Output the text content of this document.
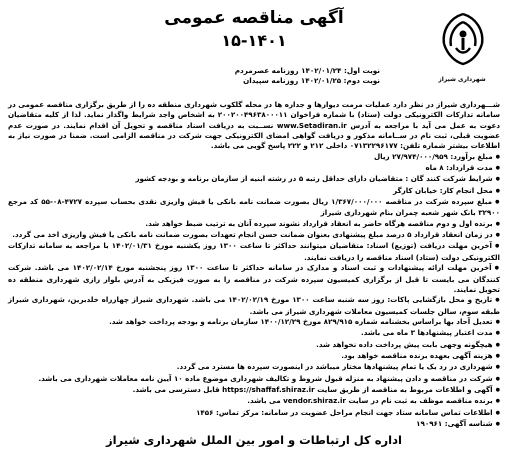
آگهی مناقصه عمومی
۱۵-۱۴۰۱
شهرداری شیراز
نوبت اول: ۱۴۰۲/۰۱/۲۴ روزنامه عصرمردم
نوبت دوم: ۱۴۰۲/۰۱/۲۵ روزنامه سپیدان

شـــهرداری شیراز در نظر دارد عملیات مرمت دیوارها و جداره ها در محله گلکوب شهرداری منطقه ده را از طریق برگزاری مناقصه عمومی در سامانه تدارکات الکترونیکی دولت (ستاد) با شماره فراخوان ۲۰۰۲۰۰۴۹۶۳۸۰۰۰۱۱ به اشخاص واجد شرایط واگذار نماید. لذا از کلیه متقاضیان دعوت به عمل می آید با مراجعه به آدرس www.Setadiran.ir نســبت به دریافت اسناد مناقصه و تحویل آن اقدام نمایند. در صورت عدم عضویت قبلی، ثبت نام در ســامانه مذکور و دریافت گواهی امضای الکترونیکی جهت شرکت در مناقصه الزامی است. ضمنا در صورت نیاز به اطلاعات بیشتر شماره تلفن: ۰۷۱۳۲۲۹۶۱۷۷ داخلی ۲۱۲ و ۲۲۲ پاسخ گویی می باشد.

● مبلغ برآورد: ۲۷/۹۷۴/۰۰۰/۹۵۹ ریال

● مدت قرارداد: ۸ ماه

● شرایط شرکت کنند گان : متقاضیان دارای حداقل رتبه ۵ در رشته ابنیه از سازمان برنامه و بودجه کشور

● محل انجام کار: خیابان کارگر

● مبلغ سپرده شرکت در مناقصه ۱/۳۶۷/۰۰۰/۰۰۰ ریال بصورت ضمانت نامه بانکی یا فیش واریزی نقدی بحساب سپرده ۴۷۲۷-۰۸-۵۵ کد مرجع ۳۲۹۰۰ بانک شهر شعبه چمران بنام شهرداری شیراز

● برنده اول و دوم مناقصه هرگاه حاضر به انعقاد قرارداد نشوند سپرده آنان به ترتیب ضبط خواهد شد.

● در زمان انعقاد قرارداد ۵ درصد مبلغ پیشنهادی بعنوان ضمانت حسن انجام تعهدات بصورت ضمانت نامه بانکی یا فیش واریزی اخذ می گردد.

● آخرین مهلت دریافت (توزیع) اسناد: متقاضیان میتوانند حداکثر تا ساعت ۱۳۰۰ روز یکشنبه مورخ ۱۴۰۲/۰۱/۳۱ با مراجعه به سامانه تدارکات الکترونیکی دولت (ستاد) اسناد مناقصه را دریافت نمایند.

● آخرین مهلت ارائه پیشنهادات و ثبت اسناد و مدارک در سامانه حداکثر تا ساعت ۱۳۰۰ روز پنجشنبه مورخ ۱۴۰۲/۰۲/۱۴ می باشد. شرکت کنندگان می بایست تا قبل از برگزاری کمیسیون سپرده شرکت در مناقصه را به صورت فیزیکی به آدرس بلوار رازی شهرداری منطقه ده تحویل نمایند.

● تاریخ و محل بازگشایی پاکات: روز سه شنبه ساعت ۱۳۰۰ مورخ ۱۴۰۲/۰۲/۱۹ می باشد. شهرداری شیراز چهارراه خلدبرین، شهرداری شیراز طبقه سوم، سالن جلسات کمیسیون معاملات شهرداری شیراز می باشد.

● تعدیل آحاد بها براساس بخشنامه شماره ۸۲۹/۹۱۵ مورخ ۱۴۰۰/۱۲/۲۹ سازمان برنامه و بودجه پرداخت خواهد شد.

● مدت اعتبار پیشنهادها ۳ ماه می باشد.

● هیچگونه وجهی بابت پیش پرداخت داده نخواهد شد.

● هزینه آگهی بعهده برنده مناقصه خواهد بود.

● شهرداری در رد یک یا تمام پیشنهادها مختار میباشد در اینصورت سپرده ها مسترد می گردد.

● شرکت در مناقصه و دادن پیشنهاد به منزله قبول شروط و تکالیف شهرداری موضوع ماده ۱۰ آیین نامه معاملات شهرداری می باشد.

● آگهی و اطلاعات مربوط به مناقصه از طریق سایت https://shaffaf.shiraz.ir قابل دسترسی می باشد.

● برنده مناقصه موظف به ثبت نام در سایت vendor.shiraz.ir می باشد.

● اطلاعات تماس سامانه ستاد جهت انجام مراحل عضویت در سامانه: مرکز تماس: ۱۴۵۶

● شناسه آگهی: ۱۹۰۹۶۱

اداره کل ارتباطات و امور بین الملل شهرداری شیراز
